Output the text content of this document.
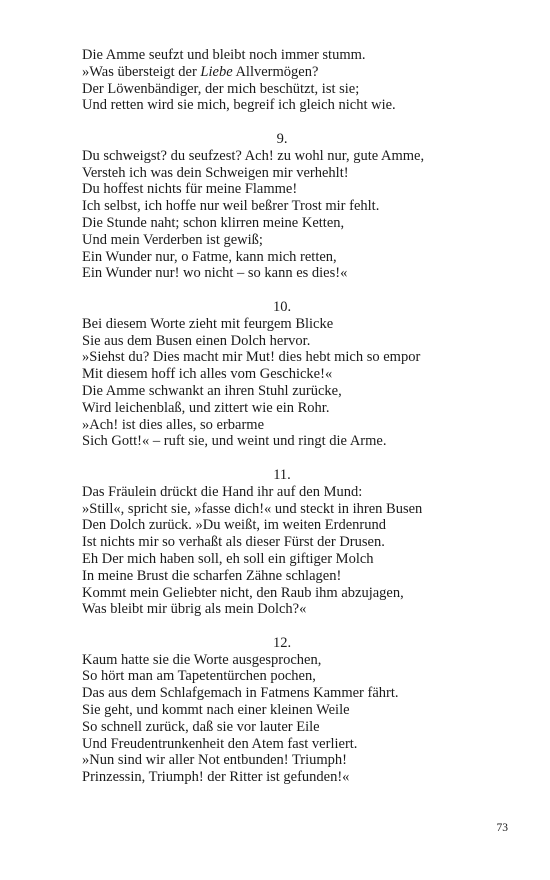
Die Amme seufzt und bleibt noch immer stumm.
»Was übersteigt der Liebe Allvermögen?
Der Löwenbändiger, der mich beschützt, ist sie;
Und retten wird sie mich, begreif ich gleich nicht wie.
9.
Du schweigst? du seufzest? Ach! zu wohl nur, gute Amme,
Versteh ich was dein Schweigen mir verhehlt!
Du hoffest nichts für meine Flamme!
Ich selbst, ich hoffe nur weil beßrer Trost mir fehlt.
Die Stunde naht; schon klirren meine Ketten,
Und mein Verderben ist gewiß;
Ein Wunder nur, o Fatme, kann mich retten,
Ein Wunder nur! wo nicht – so kann es dies!«
10.
Bei diesem Worte zieht mit feurgem Blicke
Sie aus dem Busen einen Dolch hervor.
»Siehst du? Dies macht mir Mut! dies hebt mich so empor
Mit diesem hoff ich alles vom Geschicke!«
Die Amme schwankt an ihren Stuhl zurücke,
Wird leichenblaß, und zittert wie ein Rohr.
»Ach! ist dies alles, so erbarme
Sich Gott!« – ruft sie, und weint und ringt die Arme.
11.
Das Fräulein drückt die Hand ihr auf den Mund:
»Still«, spricht sie, »fasse dich!« und steckt in ihren Busen
Den Dolch zurück. »Du weißt, im weiten Erdenrund
Ist nichts mir so verhaßt als dieser Fürst der Drusen.
Eh Der mich haben soll, eh soll ein giftiger Molch
In meine Brust die scharfen Zähne schlagen!
Kommt mein Geliebter nicht, den Raub ihm abzujagen,
Was bleibt mir übrig als mein Dolch?«
12.
Kaum hatte sie die Worte ausgesprochen,
So hört man am Tapetentürchen pochen,
Das aus dem Schlafgemach in Fatmens Kammer fährt.
Sie geht, und kommt nach einer kleinen Weile
So schnell zurück, daß sie vor lauter Eile
Und Freudentrunkenheit den Atem fast verliert.
»Nun sind wir aller Not entbunden! Triumph!
Prinzessin, Triumph! der Ritter ist gefunden!«
73
